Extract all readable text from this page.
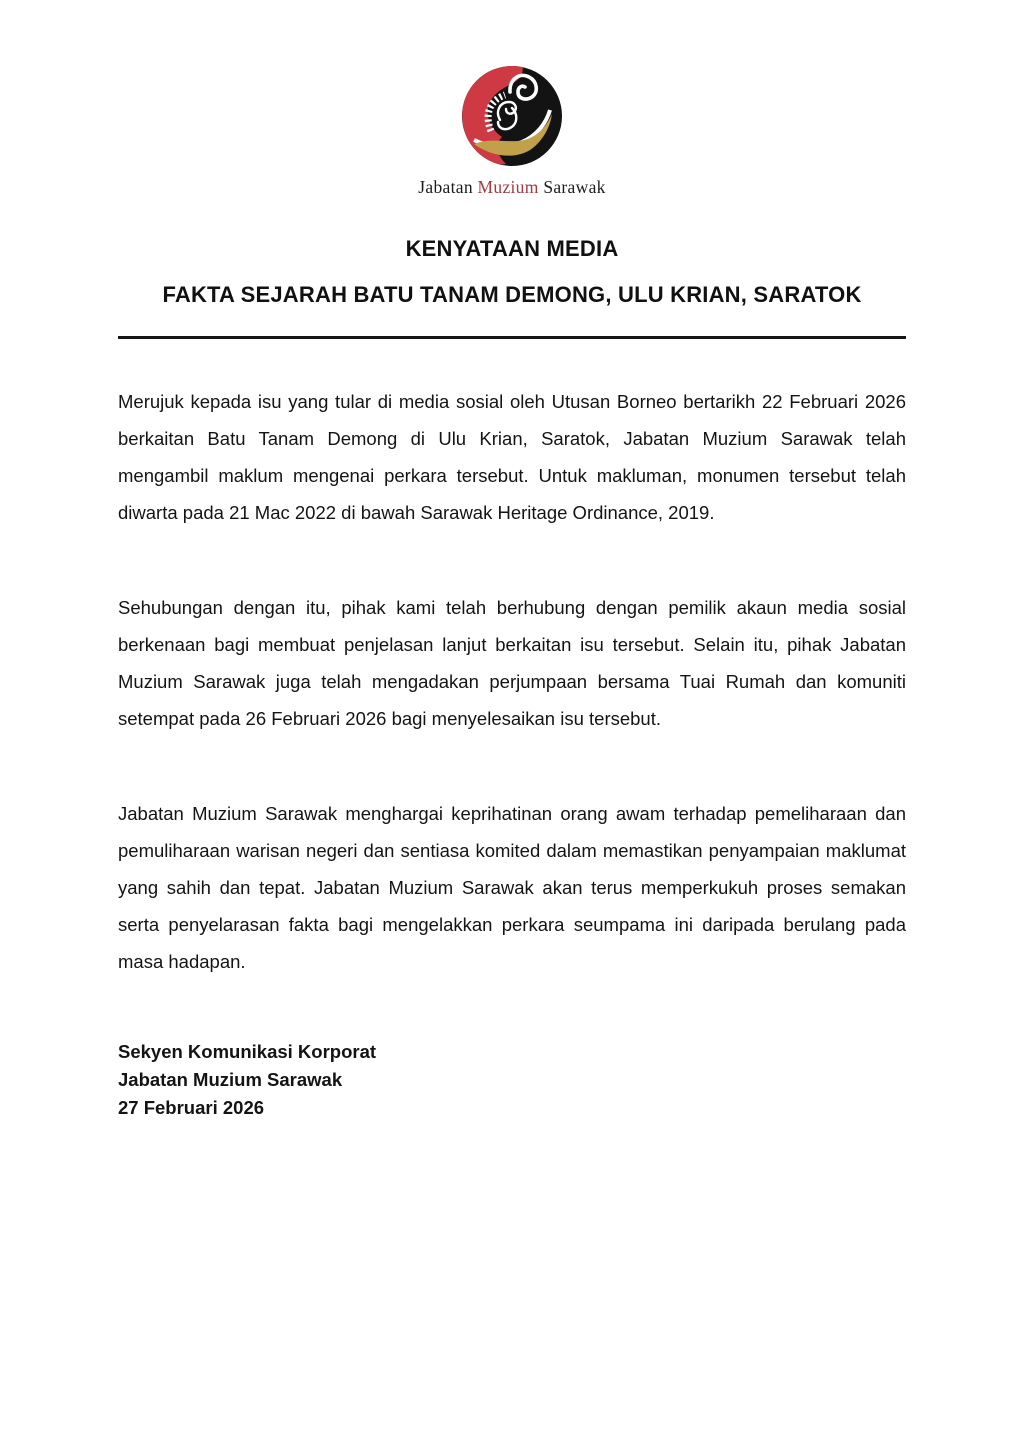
Jabatan Muzium Sarawak
KENYATAAN MEDIA
FAKTA SEJARAH BATU TANAM DEMONG, ULU KRIAN, SARATOK

Merujuk kepada isu yang tular di media sosial oleh Utusan Borneo bertarikh 22 Februari 2026 berkaitan Batu Tanam Demong di Ulu Krian, Saratok, Jabatan Muzium Sarawak telah mengambil maklum mengenai perkara tersebut. Untuk makluman, monumen tersebut telah diwarta pada 21 Mac 2022 di bawah Sarawak Heritage Ordinance, 2019.

Sehubungan dengan itu, pihak kami telah berhubung dengan pemilik akaun media sosial berkenaan bagi membuat penjelasan lanjut berkaitan isu tersebut. Selain itu, pihak Jabatan Muzium Sarawak juga telah mengadakan perjumpaan bersama Tuai Rumah dan komuniti setempat pada 26 Februari 2026 bagi menyelesaikan isu tersebut.

Jabatan Muzium Sarawak menghargai keprihatinan orang awam terhadap pemeliharaan dan pemuliharaan warisan negeri dan sentiasa komited dalam memastikan penyampaian maklumat yang sahih dan tepat. Jabatan Muzium Sarawak akan terus memperkukuh proses semakan serta penyelarasan fakta bagi mengelakkan perkara seumpama ini daripada berulang pada masa hadapan.

Sekyen Komunikasi Korporat
Jabatan Muzium Sarawak
27 Februari 2026
